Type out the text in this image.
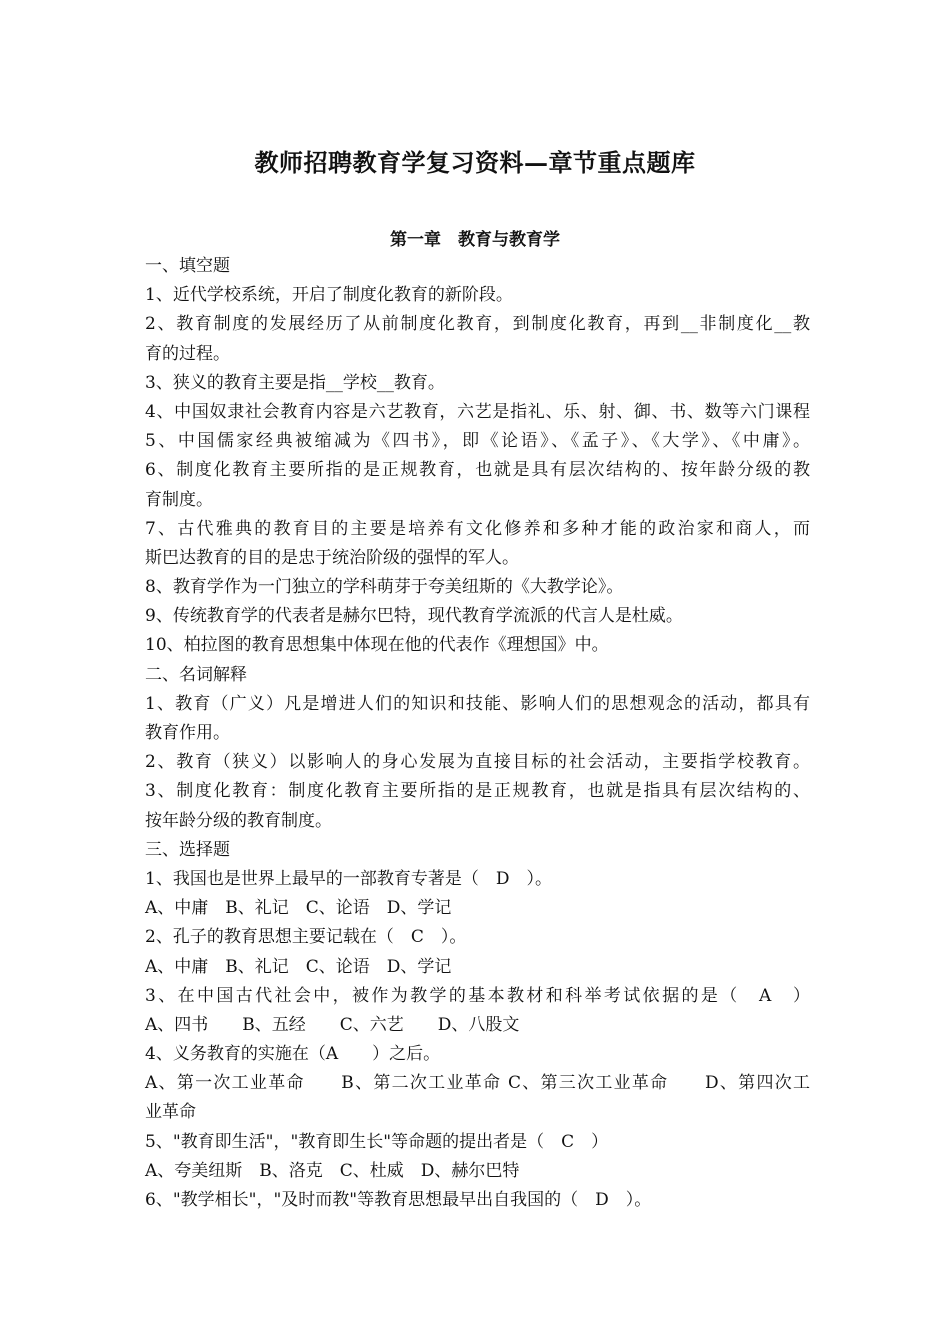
教师招聘教育学复习资料—章节重点题库
第一章　教育与教育学
一、填空题
1、近代学校系统，开启了制度化教育的新阶段。
2、教育制度的发展经历了从前制度化教育，到制度化教育，再到__非制度化__教
育的过程。
3、狭义的教育主要是指__学校__教育。
4、中国奴隶社会教育内容是六艺教育，六艺是指礼、乐、射、御、书、数等六门课程
5、中国儒家经典被缩减为《四书》，即《论语》、《孟子》、《大学》、《中庸》。
6、制度化教育主要所指的是正规教育，也就是具有层次结构的、按年龄分级的教
育制度。
7、古代雅典的教育目的主要是培养有文化修养和多种才能的政治家和商人，而
斯巴达教育的目的是忠于统治阶级的强悍的军人。
8、教育学作为一门独立的学科萌芽于夸美纽斯的《大教学论》。
9、传统教育学的代表者是赫尔巴特，现代教育学流派的代言人是杜威。
10、柏拉图的教育思想集中体现在他的代表作《理想国》中。
二、名词解释
1、教育（广义）凡是增进人们的知识和技能、影响人们的思想观念的活动，都具有
教育作用。
2、教育（狭义）以影响人的身心发展为直接目标的社会活动，主要指学校教育。
3、制度化教育：制度化教育主要所指的是正规教育，也就是指具有层次结构的、
按年龄分级的教育制度。
三、选择题
1、我国也是世界上最早的一部教育专著是（　D　）。
A、中庸　B、礼记　C、论语　D、学记
2、孔子的教育思想主要记载在（　C　）。
A、中庸　B、礼记　C、论语　D、学记
3、在中国古代社会中，被作为教学的基本教材和科举考试依据的是（　A　）
A、四书　　B、五经　　C、六艺　　D、八股文
4、义务教育的实施在（A　　）之后。
A、第一次工业革命　　B、第二次工业革命 C、第三次工业革命　　D、第四次工
业革命
5、"教育即生活"，"教育即生长"等命题的提出者是（　C　）
A、夸美纽斯　B、洛克　C、杜威　D、赫尔巴特
6、"教学相长"，"及时而教"等教育思想最早出自我国的（　D　）。
